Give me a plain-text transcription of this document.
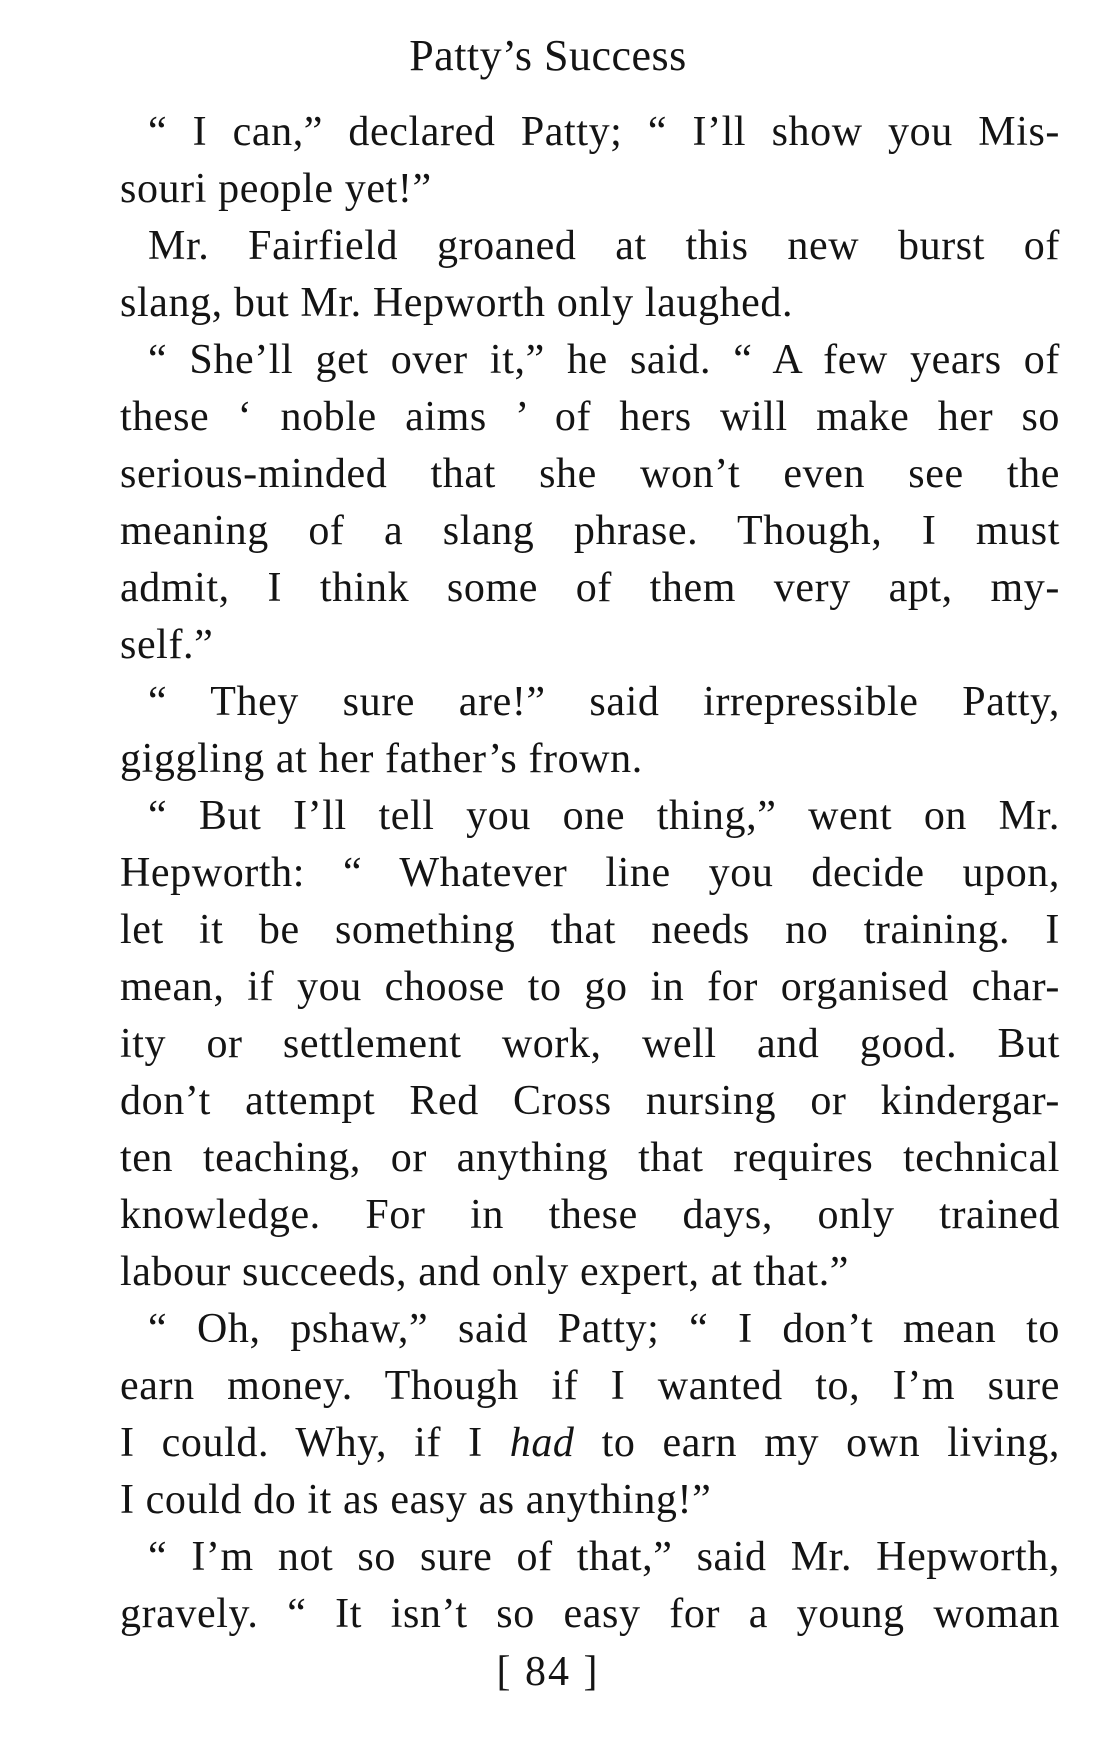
Patty’s Success
“ I can,” declared Patty; “ I’ll show you Mis-
souri people yet!”
Mr. Fairfield groaned at this new burst of
slang, but Mr. Hepworth only laughed.
“ She’ll get over it,” he said. “ A few years of
these ‘ noble aims ’ of hers will make her so
serious-minded that she won’t even see the
meaning of a slang phrase. Though, I must
admit, I think some of them very apt, my-
self.”
“ They sure are!” said irrepressible Patty,
giggling at her father’s frown.
“ But I’ll tell you one thing,” went on Mr.
Hepworth: “ Whatever line you decide upon,
let it be something that needs no training. I
mean, if you choose to go in for organised char-
ity or settlement work, well and good. But
don’t attempt Red Cross nursing or kindergar-
ten teaching, or anything that requires technical
knowledge. For in these days, only trained
labour succeeds, and only expert, at that.”
“ Oh, pshaw,” said Patty; “ I don’t mean to
earn money. Though if I wanted to, I’m sure
I could. Why, if I had to earn my own living,
I could do it as easy as anything!”
“ I’m not so sure of that,” said Mr. Hepworth,
gravely. “ It isn’t so easy for a young woman
[ 84 ]
